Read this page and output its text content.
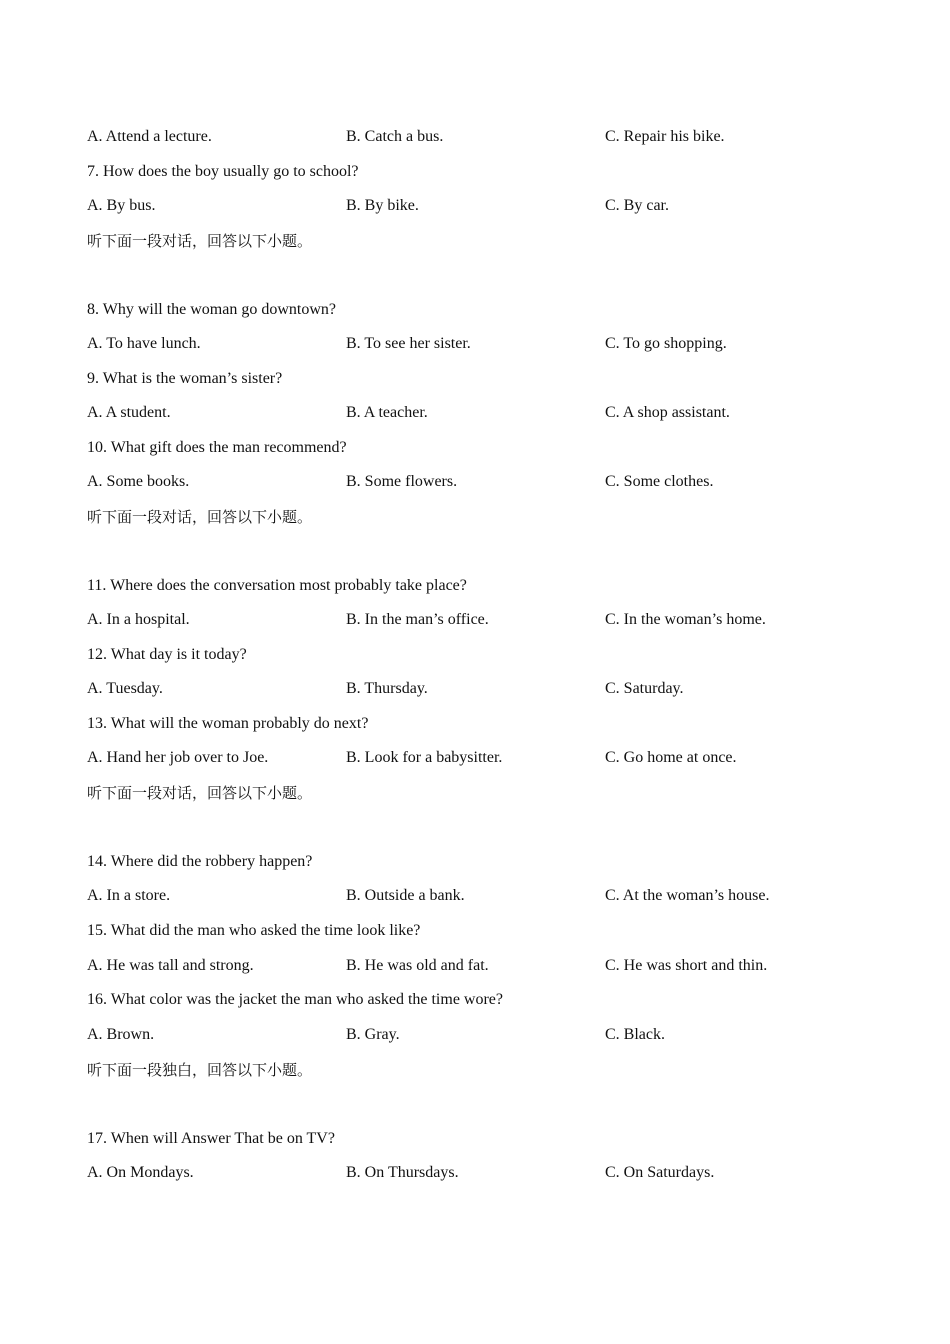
A. Attend a lecture.	B. Catch a bus.	C. Repair his bike.
7. How does the boy usually go to school?
A. By bus.	B. By bike.	C. By car.
听下面一段对话，回答以下小题。
8. Why will the woman go downtown?
A. To have lunch.	B. To see her sister.	C. To go shopping.
9. What is the woman’s sister?
A. A student.	B. A teacher.	C. A shop assistant.
10. What gift does the man recommend?
A. Some books.	B. Some flowers.	C. Some clothes.
听下面一段对话，回答以下小题。
11. Where does the conversation most probably take place?
A. In a hospital.	B. In the man’s office.	C. In the woman’s home.
12. What day is it today?
A. Tuesday.	B. Thursday.	C. Saturday.
13. What will the woman probably do next?
A. Hand her job over to Joe.	B. Look for a babysitter.	C. Go home at once.
听下面一段对话，回答以下小题。
14. Where did the robbery happen?
A. In a store.	B. Outside a bank.	C. At the woman’s house.
15. What did the man who asked the time look like?
A. He was tall and strong.	B. He was old and fat.	C. He was short and thin.
16. What color was the jacket the man who asked the time wore?
A. Brown.	B. Gray.	C. Black.
听下面一段独白，回答以下小题。
17. When will Answer That be on TV?
A. On Mondays.	B. On Thursdays.	C. On Saturdays.
